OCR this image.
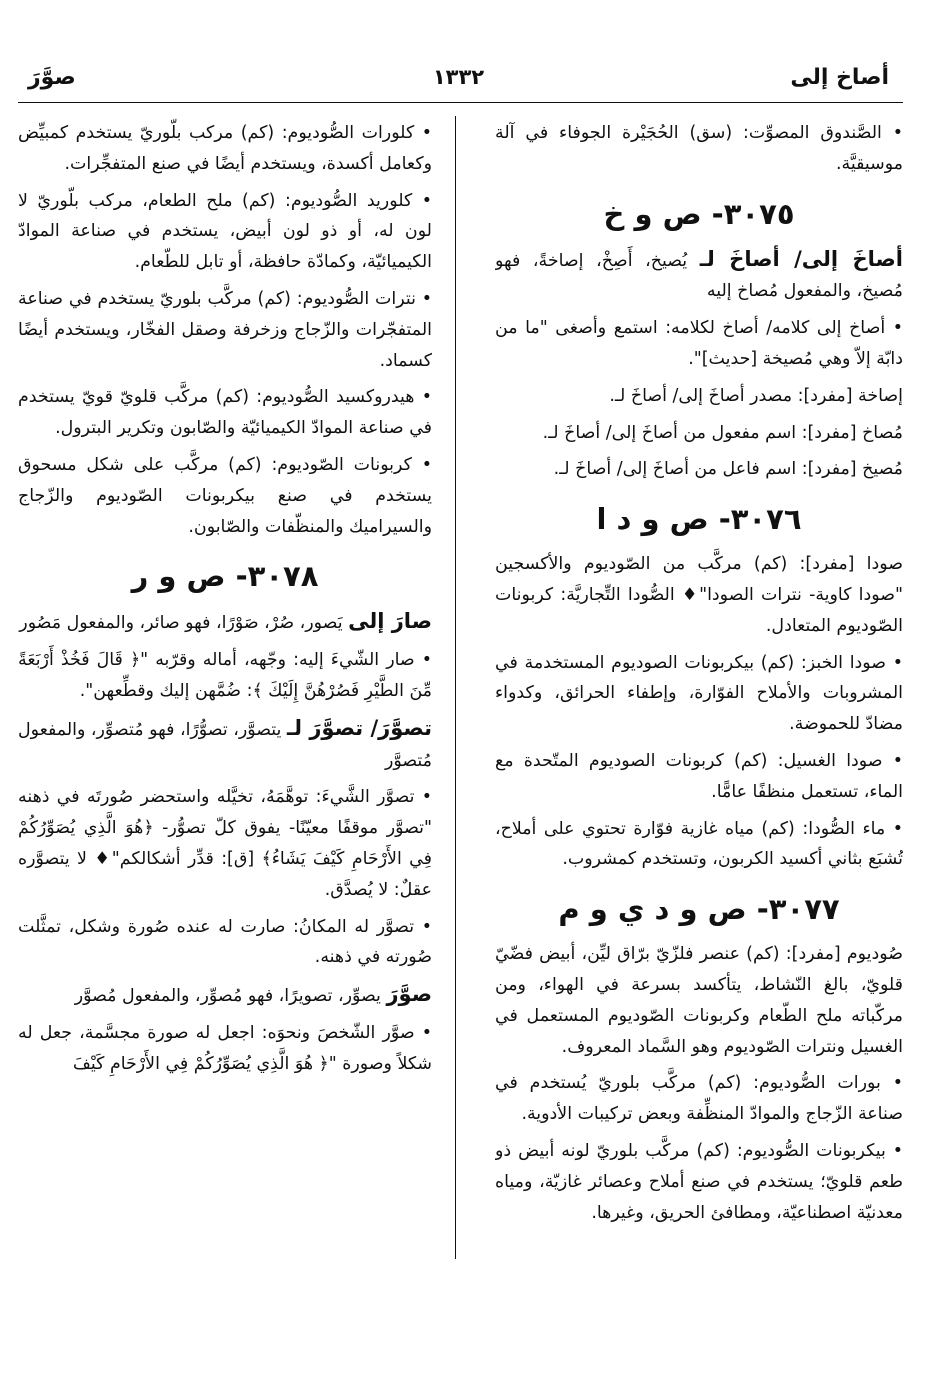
أصاخ إلى
١٣٣٢
صوَّرَ

• الصَّندوق المصوِّت: (سق) الحُجَيْرة الجوفاء في آلة موسيقيَّة.

٣٠٧٥- ص و خ

أصاخَ إلى/ أصاخَ لـ يُصيخ، أَصِخْ، إصاخةً، فهو مُصيخ، والمفعول مُصاخ إليه

• أصاخ إلى كلامه/ أصاخ لكلامه: استمع وأصغى "ما من دابّة إلاّ وهي مُصيخة [حديث]".

إصاخة [مفرد]: مصدر أصاخَ إلى/ أصاخَ لـ.

مُصاخ [مفرد]: اسم مفعول من أصاخَ إلى/ أصاخَ لـ.

مُصيخ [مفرد]: اسم فاعل من أصاخَ إلى/ أصاخَ لـ.

٣٠٧٦- ص و د ا

صودا [مفرد]: (كم) مركَّب من الصّوديوم والأكسجين "صودا كاوية- نترات الصودا"♦ الصُّودا التِّجاريَّة: كربونات الصّوديوم المتعادل.

• صودا الخبز: (كم) بيكربونات الصوديوم المستخدمة في المشروبات والأملاح الفوّارة، وإطفاء الحرائق، وكدواء مضادّ للحموضة.

• صودا الغسيل: (كم) كربونات الصوديوم المتّحدة مع الماء، تستعمل منظفًا عامًّا.

• ماء الصُّودا: (كم) مياه غازية فوّارة تحتوي على أملاح، تُشبَع بثاني أكسيد الكربون، وتستخدم كمشروب.

٣٠٧٧- ص و د ي و م

صُوديوم [مفرد]: (كم) عنصر فلزّيّ برّاق ليِّن، أبيض فضّيّ قلويّ، بالغ النّشاط، يتأكسد بسرعة في الهواء، ومن مركّباته ملح الطّعام وكربونات الصّوديوم المستعمل في الغسيل ونترات الصّوديوم وهو السَّماد المعروف.

• بورات الصُّوديوم: (كم) مركَّب بلوريّ يُستخدم في صناعة الزّجاج والموادّ المنظِّفة وبعض تركيبات الأدوية.

• بيكربونات الصُّوديوم: (كم) مركَّب بلوريّ لونه أبيض ذو طعم قلويّ؛ يستخدم في صنع أملاح وعصائر غازيّة، ومياه معدنيّة اصطناعيّة، ومطافئ الحريق، وغيرها.

• كلورات الصُّوديوم: (كم) مركب بلّوريّ يستخدم كمبيِّض وكعامل أكسدة، ويستخدم أيضًا في صنع المتفجِّرات.

• كلوريد الصُّوديوم: (كم) ملح الطعام، مركب بلّوريّ لا لون له، أو ذو لون أبيض، يستخدم في صناعة الموادّ الكيميائيّة، وكمادّة حافظة، أو تابل للطّعام.

• نترات الصُّوديوم: (كم) مركَّب بلوريّ يستخدم في صناعة المتفجّرات والزّجاج وزخرفة وصقل الفخّار، ويستخدم أيضًا كسماد.

• هيدروكسيد الصُّوديوم: (كم) مركَّب قلويّ قويّ يستخدم في صناعة الموادّ الكيميائيّة والصّابون وتكرير البترول.

• كربونات الصّوديوم: (كم) مركَّب على شكل مسحوق يستخدم في صنع بيكربونات الصّوديوم والزّجاج والسيراميك والمنظّفات والصّابون.

٣٠٧٨- ص و ر

صارَ إلى يَصور، صُرْ، صَوْرًا، فهو صائر، والمفعول مَصُور

• صار الشّيءَ إليه: وجّهه، أماله وقرّبه "﴿ قَالَ فَخُذْ أَرْبَعَةً مِّنَ الطَّيْرِ فَصُرْهُنَّ إِلَيْكَ ﴾: ضُمَّهن إليك وقطِّعهن".

تصوَّرَ/ تصوَّرَ لـ يتصوَّر، تصوُّرًا، فهو مُتصوِّر، والمفعول مُتصوَّر

• تصوَّر الشَّيءَ: توهَّمَهُ، تخيَّله واستحضر صُورتَه في ذهنه "تصوَّر موقفًا معيّنًا- يفوق كلّ تصوُّر- ﴿هُوَ الَّذِي يُصَوِّرُكُمْ فِي الأَرْحَامِ كَيْفَ يَشَاءُ﴾ [ق]: قدِّر أشكالكم"♦ لا يتصوَّره عقلٌ: لا يُصدَّق.

• تصوَّر له المكانُ: صارت له عنده صُورة وشكل، تمثَّلت صُورته في ذهنه.

صوَّرَ يصوِّر، تصويرًا، فهو مُصوِّر، والمفعول مُصوَّر

• صوَّر الشّخصَ ونحوَه: اجعل له صورة مجسَّمة، جعل له شكلاً وصورة "﴿ هُوَ الَّذِي يُصَوِّرُكُمْ فِي الأَرْحَامِ كَيْفَ
